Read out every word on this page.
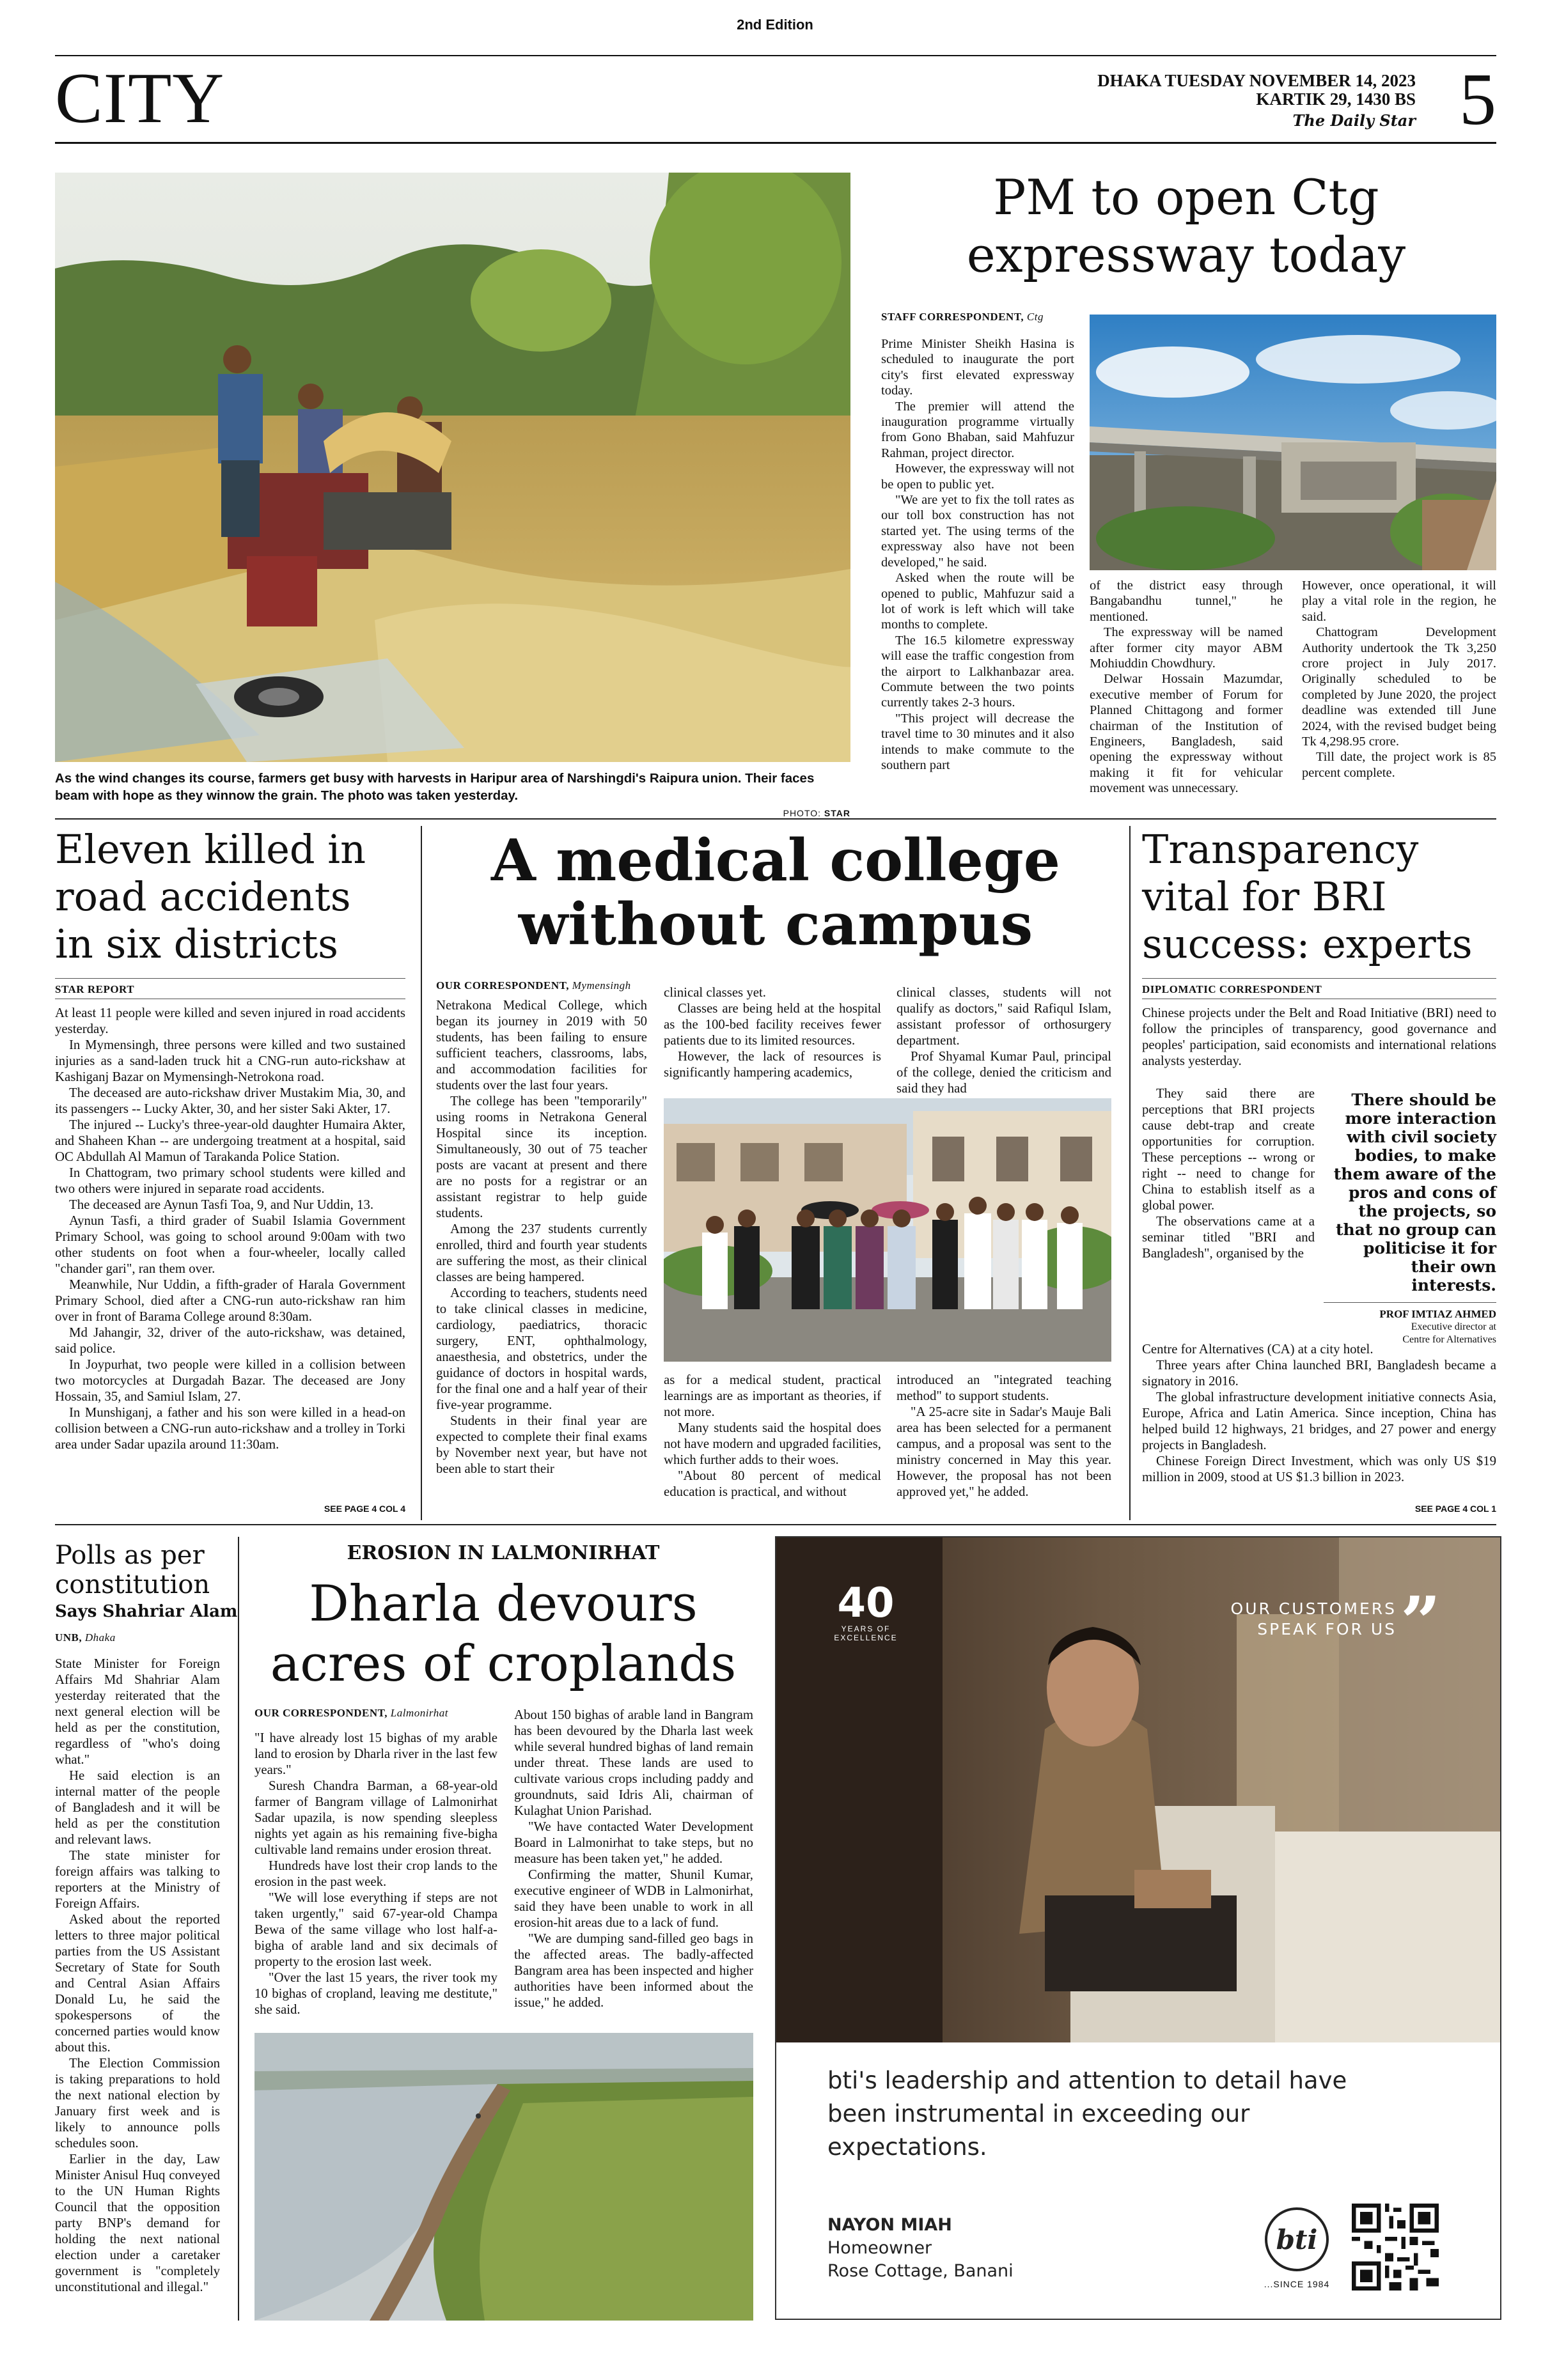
2nd Edition
CITY	DHAKA TUESDAY NOVEMBER 14, 2023
KARTIK 29, 1430 BS
The Daily Star 5
As the wind changes its course, farmers get busy with harvests in Haripur area of Narshingdi's Raipura union. Their faces beam with hope as they winnow the grain. The photo was taken yesterday.
PHOTO: STAR
PM to open Ctg expressway today
STAFF CORRESPONDENT, Ctg

Prime Minister Sheikh Hasina is scheduled to inaugurate the port city's first elevated expressway today.

The premier will attend the inauguration programme virtually from Gono Bhaban, said Mahfuzur Rahman, project director.

However, the expressway will not be open to public yet.

"We are yet to fix the toll rates as our toll box construction has not started yet. The using terms of the expressway also have not been developed," he said.

Asked when the route will be opened to public, Mahfuzur said a lot of work is left which will take months to complete.

The 16.5 kilometre expressway will ease the traffic congestion from the airport to Lalkhanbazar area. Commute between the two points currently takes 2-3 hours.

"This project will decrease the travel time to 30 minutes and it also intends to make commute to the southern part

of the district easy through Bangabandhu tunnel," he mentioned.

The expressway will be named after former city mayor ABM Mohiuddin Chowdhury.

Delwar Hossain Mazumdar, executive member of Forum for Planned Chittagong and former chairman of the Institution of Engineers, Bangladesh, said opening the expressway without making it fit for vehicular movement was unnecessary.

However, once operational, it will play a vital role in the region, he said.

Chattogram Development Authority undertook the Tk 3,250 crore project in July 2017. Originally scheduled to be completed by June 2020, the project deadline was extended till June 2024, with the revised budget being Tk 4,298.95 crore.

Till date, the project work is 85 percent complete.

Eleven killed in
road accidents
in six districts
STAR REPORT

At least 11 people were killed and seven injured in road accidents yesterday.

In Mymensingh, three persons were killed and two sustained injuries as a sand-laden truck hit a CNG-run auto-rickshaw at Kashiganj Bazar on Mymensingh-Netrokona road.

The deceased are auto-rickshaw driver Mustakim Mia, 30, and its passengers -- Lucky Akter, 30, and her sister Saki Akter, 17.

The injured -- Lucky's three-year-old daughter Humaira Akter, and Shaheen Khan -- are undergoing treatment at a hospital, said OC Abdullah Al Mamun of Tarakanda Police Station.

In Chattogram, two primary school students were killed and two others were injured in separate road accidents.

The deceased are Aynun Tasfi Toa, 9, and Nur Uddin, 13.

Aynun Tasfi, a third grader of Suabil Islamia Government Primary School, was going to school around 9:00am with two other students on foot when a four-wheeler, locally called "chander gari", ran them over.

Meanwhile, Nur Uddin, a fifth-grader of Harala Government Primary School, died after a CNG-run auto-rickshaw ran him over in front of Barama College around 8:30am.

Md Jahangir, 32, driver of the auto-rickshaw, was detained, said police.

In Joypurhat, two people were killed in a collision between two motorcycles at Durgadah Bazar. The deceased are Jony Hossain, 35, and Samiul Islam, 27.

In Munshiganj, a father and his son were killed in a head-on collision between a CNG-run auto-rickshaw and a trolley in Torki area under Sadar upazila around 11:30am.

SEE PAGE 4 COL 4
A medical college
without campus
OUR CORRESPONDENT, Mymensingh

Netrakona Medical College, which began its journey in 2019 with 50 students, has been failing to ensure sufficient teachers, classrooms, labs, and accommodation facilities for students over the last four years.

The college has been "temporarily" using rooms in Netrakona General Hospital since its inception. Simultaneously, 30 out of 75 teacher posts are vacant at present and there are no posts for a registrar or an assistant registrar to help guide students.

Among the 237 students currently enrolled, third and fourth year students are suffering the most, as their clinical classes are being hampered.

According to teachers, students need to take clinical classes in medicine, cardiology, paediatrics, thoracic surgery, ENT, ophthalmology, anaesthesia, and obstetrics, under the guidance of doctors in hospital wards, for the final one and a half year of their five-year programme.

Students in their final year are expected to complete their final exams by November next year, but have not been able to start their

clinical classes yet.

Classes are being held at the hospital as the 100-bed facility receives fewer patients due to its limited resources.

However, the lack of resources is significantly hampering academics,

clinical classes, students will not qualify as doctors," said Rafiqul Islam, assistant professor of orthosurgery department.

Prof Shyamal Kumar Paul, principal of the college, denied the criticism and said they had

as for a medical student, practical learnings are as important as theories, if not more.

Many students said the hospital does not have modern and upgraded facilities, which further adds to their woes.

"About 80 percent of medical education is practical, and without

introduced an "integrated teaching method" to support students.

"A 25-acre site in Sadar's Mauje Bali area has been selected for a permanent campus, and a proposal was sent to the ministry concerned in May this year. However, the proposal has not been approved yet," he added.

Transparency
vital for BRI
success: experts
DIPLOMATIC CORRESPONDENT

Chinese projects under the Belt and Road Initiative (BRI) need to follow the principles of transparency, good governance and peoples' participation, said economists and international relations analysts yesterday.

They said there are perceptions that BRI projects cause debt-trap and create opportunities for corruption. These perceptions -- wrong or right -- need to change for China to establish itself as a global power.

The observations came at a seminar titled "BRI and Bangladesh", organised by the

There should be more interaction with civil society bodies, to make them aware of the pros and cons of the projects, so that no group can politicise it for their own interests.
PROF IMTIAZ AHMED
Executive director at
Centre for Alternatives

Centre for Alternatives (CA) at a city hotel.

Three years after China launched BRI, Bangladesh became a signatory in 2016.

The global infrastructure development initiative connects Asia, Europe, Africa and Latin America. Since inception, China has helped build 12 highways, 21 bridges, and 27 power and energy projects in Bangladesh.

Chinese Foreign Direct Investment, which was only US $19 million in 2009, stood at US $1.3 billion in 2023.

SEE PAGE 4 COL 1
Polls as per
constitution
Says Shahriar Alam
UNB, Dhaka

State Minister for Foreign Affairs Md Shahriar Alam yesterday reiterated that the next general election will be held as per the constitution, regardless of "who's doing what."

He said election is an internal matter of the people of Bangladesh and it will be held as per the constitution and relevant laws.

The state minister for foreign affairs was talking to reporters at the Ministry of Foreign Affairs.

Asked about the reported letters to three major political parties from the US Assistant Secretary of State for South and Central Asian Affairs Donald Lu, he said the spokespersons of the concerned parties would know about this.

The Election Commission is taking preparations to hold the next national election by January first week and is likely to announce polls schedules soon.

Earlier in the day, Law Minister Anisul Huq conveyed to the UN Human Rights Council that the opposition party BNP's demand for holding the next national election under a caretaker government is "completely unconstitutional and illegal."

EROSION IN LALMONIRHAT
Dharla devours
acres of croplands
OUR CORRESPONDENT, Lalmonirhat

"I have already lost 15 bighas of my arable land to erosion by Dharla river in the last few years."

Suresh Chandra Barman, a 68-year-old farmer of Bangram village of Lalmonirhat Sadar upazila, is now spending sleepless nights yet again as his remaining five-bigha cultivable land remains under erosion threat.

Hundreds have lost their crop lands to the erosion in the past week.

"We will lose everything if steps are not taken urgently," said 67-year-old Champa Bewa of the same village who lost half-a-bigha of arable land and six decimals of property to the erosion last week.

"Over the last 15 years, the river took my 10 bighas of cropland, leaving me destitute," she said.

About 150 bighas of arable land in Bangram has been devoured by the Dharla last week while several hundred bighas of land remain under threat. These lands are used to cultivate various crops including paddy and groundnuts, said Idris Ali, chairman of Kulaghat Union Parishad.

"We have contacted Water Development Board in Lalmonirhat to take steps, but no measure has been taken yet," he added.

Confirming the matter, Shunil Kumar, executive engineer of WDB in Lalmonirhat, said they have been unable to work in all erosion-hit areas due to a lack of fund.

"We are dumping sand-filled geo bags in the affected areas. The badly-affected Bangram area has been inspected and higher authorities have been informed about the issue," he added.

40
YEARS OF
EXCELLENCE
OUR CUSTOMERS
SPEAK FOR US ”
bti's leadership and attention to detail have
been instrumental in exceeding our
expectations.
NAYON MIAH
Homeowner
Rose Cottage, Banani
bti
...SINCE 1984
